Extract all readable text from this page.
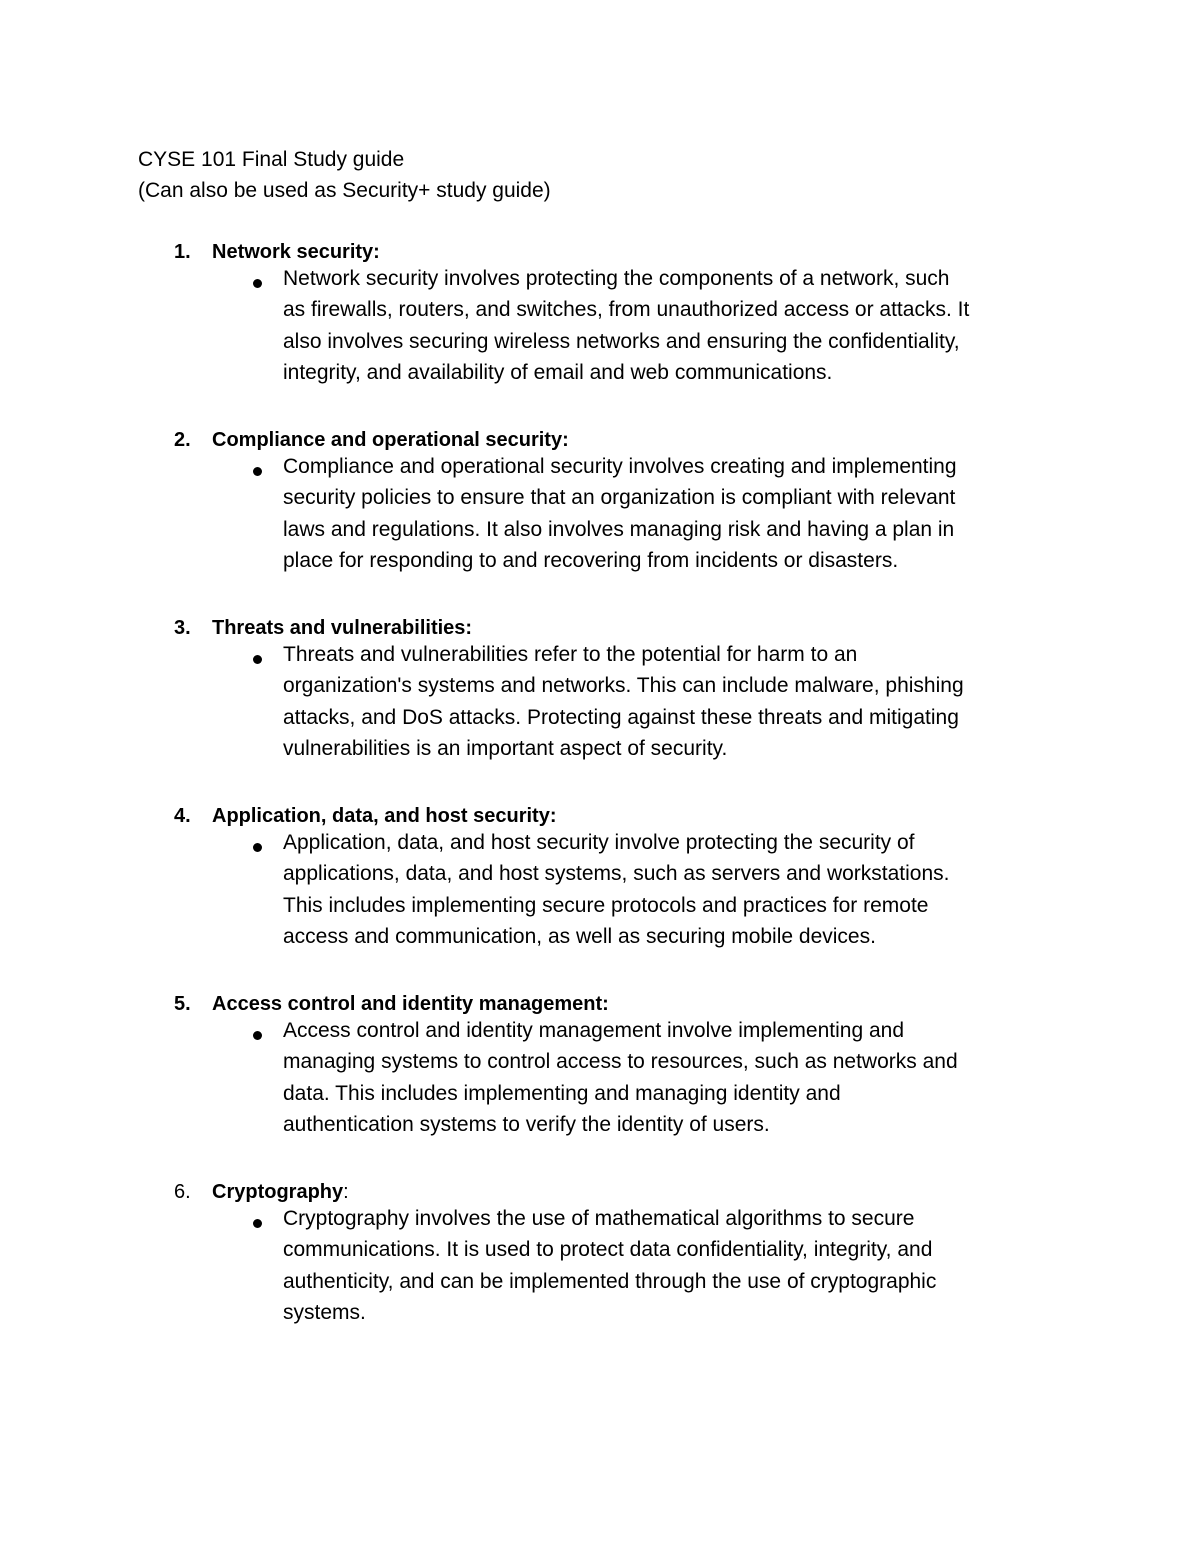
CYSE 101 Final Study guide
(Can also be used as Security+ study guide)
1. Network security:
Network security involves protecting the components of a network, such
as firewalls, routers, and switches, from unauthorized access or attacks. It
also involves securing wireless networks and ensuring the confidentiality,
integrity, and availability of email and web communications.
2. Compliance and operational security:
Compliance and operational security involves creating and implementing
security policies to ensure that an organization is compliant with relevant
laws and regulations. It also involves managing risk and having a plan in
place for responding to and recovering from incidents or disasters.
3. Threats and vulnerabilities:
Threats and vulnerabilities refer to the potential for harm to an
organization's systems and networks. This can include malware, phishing
attacks, and DoS attacks. Protecting against these threats and mitigating
vulnerabilities is an important aspect of security.
4. Application, data, and host security:
Application, data, and host security involve protecting the security of
applications, data, and host systems, such as servers and workstations.
This includes implementing secure protocols and practices for remote
access and communication, as well as securing mobile devices.
5. Access control and identity management:
Access control and identity management involve implementing and
managing systems to control access to resources, such as networks and
data. This includes implementing and managing identity and
authentication systems to verify the identity of users.
6. Cryptography:
Cryptography involves the use of mathematical algorithms to secure
communications. It is used to protect data confidentiality, integrity, and
authenticity, and can be implemented through the use of cryptographic
systems.
